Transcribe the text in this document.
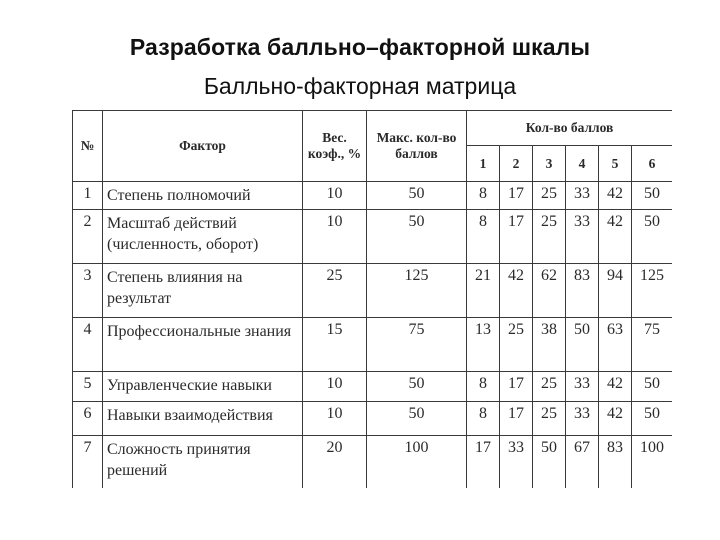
Разработка балльно–факторной шкалы
Балльно-факторная матрица
№	Фактор	Вес. коэф., %	Макс. кол-во баллов	Кол-во баллов					
				1	2	3	4	5	6
1	Степень полномочий	10	50	8	17	25	33	42	50
2	Масштаб действий (численность, оборот)	10	50	8	17	25	33	42	50
3	Степень влияния на результат	25	125	21	42	62	83	94	125
4	Профессиональные знания	15	75	13	25	38	50	63	75
5	Управленческие навыки	10	50	8	17	25	33	42	50
6	Навыки взаимодействия	10	50	8	17	25	33	42	50
7	Сложность принятия решений	20	100	17	33	50	67	83	100
